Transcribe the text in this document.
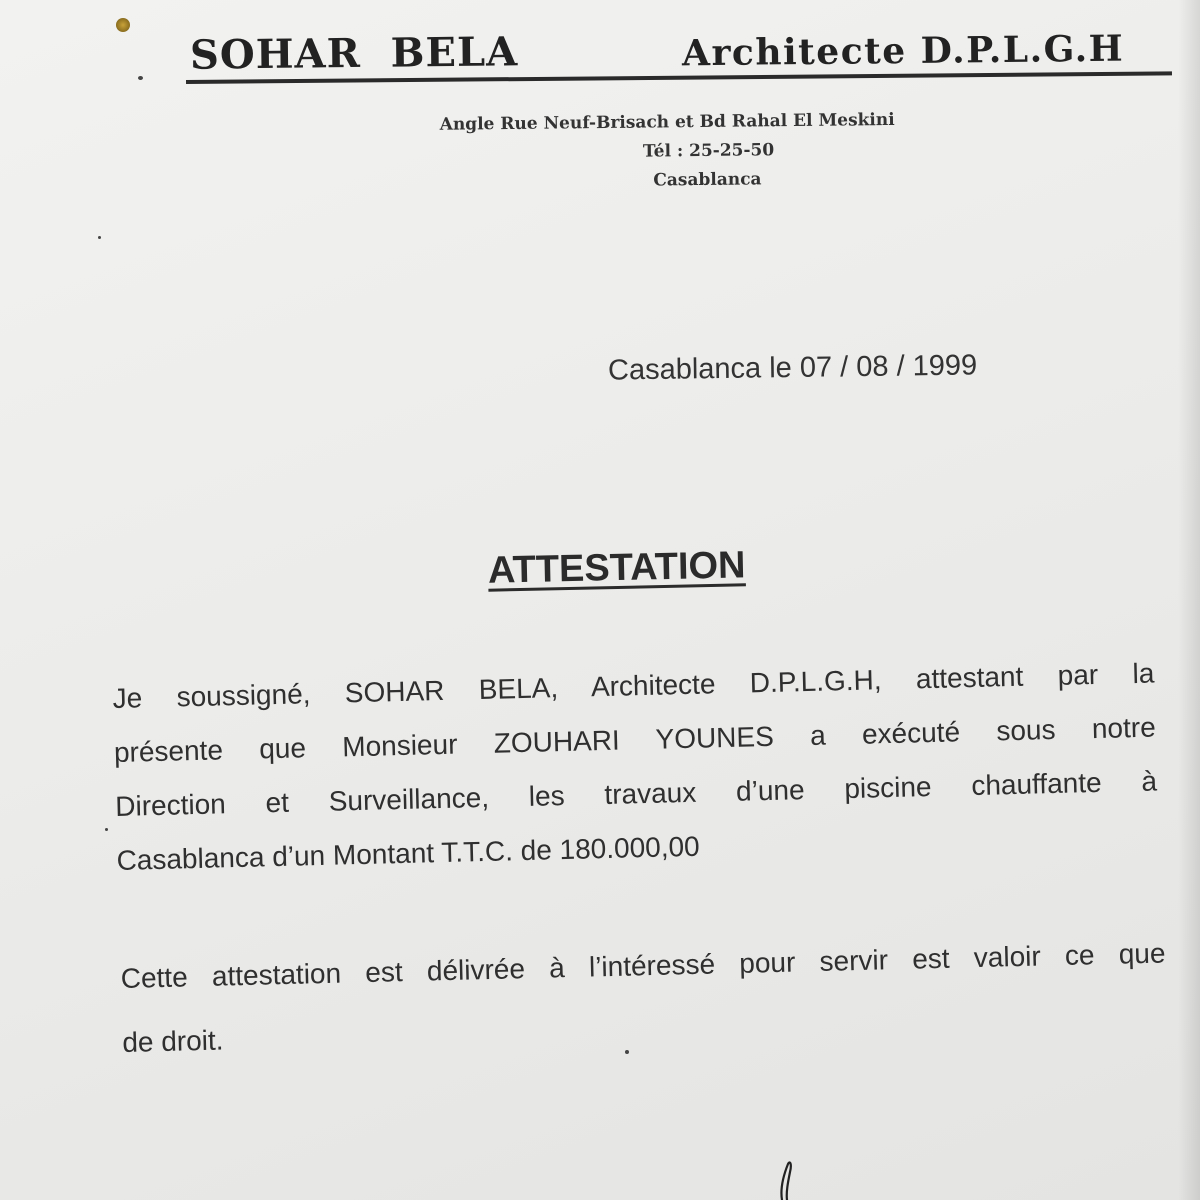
SOHAR  BELA	Architecte D.P.L.G.H
Angle Rue Neuf-Brisach et Bd Rahal El Meskini
Tél : 25-25-50
Casablanca
Casablanca le 07 / 08 / 1999
ATTESTATION
Je soussigné, SOHAR BELA, Architecte D.P.L.G.H, attestant par la
présente que Monsieur ZOUHARI YOUNES a exécuté sous notre
Direction et Surveillance, les travaux d’une piscine chauffante à
Casablanca d’un Montant T.T.C. de 180.000,00
Cette attestation est délivrée à l’intéressé pour servir est valoir ce que
de droit.
